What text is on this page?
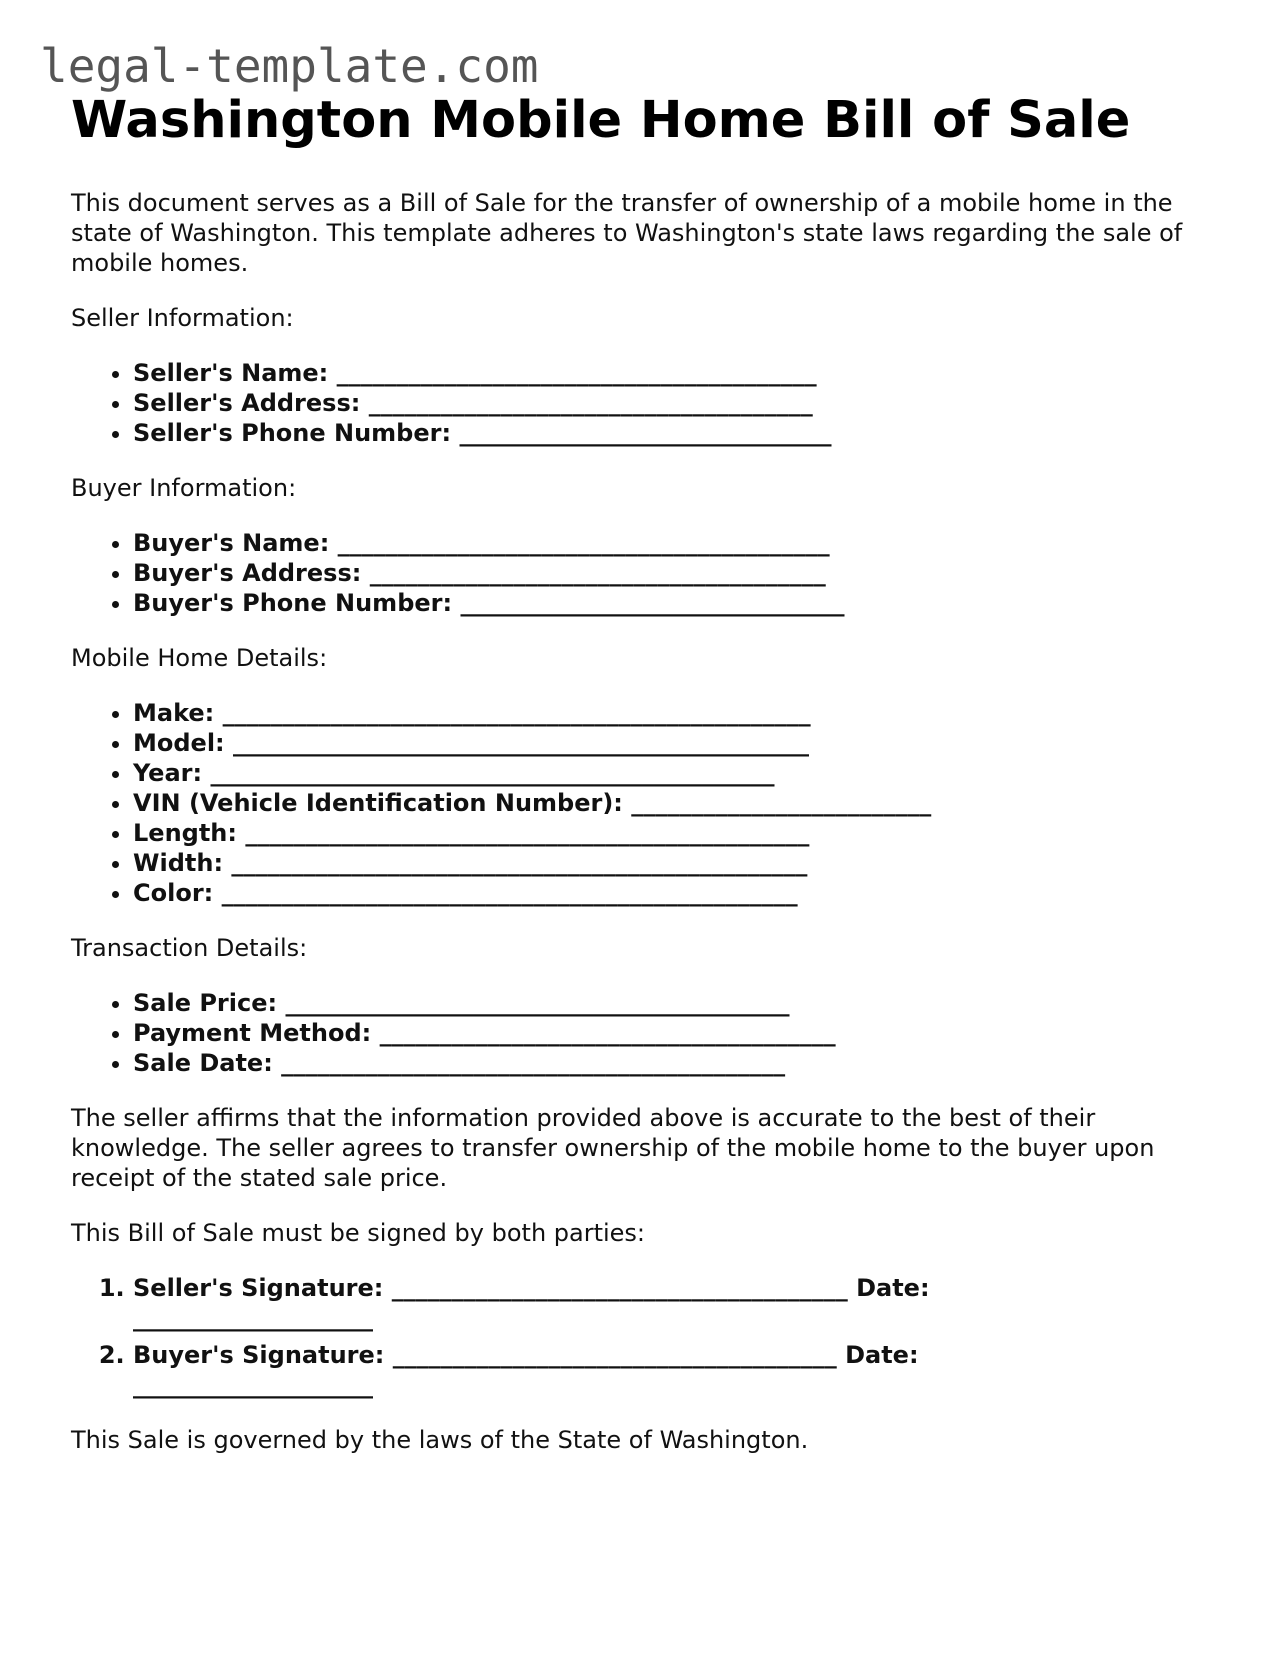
legal-template.com
Washington Mobile Home Bill of Sale

This document serves as a Bill of Sale for the transfer of ownership of a mobile home in the state of Washington. This template adheres to Washington's state laws regarding the sale of mobile homes.

Seller Information:

• Seller's Name: ________________________________________
• Seller's Address: _____________________________________
• Seller's Phone Number: _______________________________

Buyer Information:

• Buyer's Name: _________________________________________
• Buyer's Address: ______________________________________
• Buyer's Phone Number: ________________________________

Mobile Home Details:

• Make: _________________________________________________
• Model: ________________________________________________
• Year: _______________________________________________
• VIN (Vehicle Identification Number): _________________________
• Length: _______________________________________________
• Width: ________________________________________________
• Color: ________________________________________________

Transaction Details:

• Sale Price: __________________________________________
• Payment Method: ______________________________________
• Sale Date: __________________________________________

The seller affirms that the information provided above is accurate to the best of their knowledge. The seller agrees to transfer ownership of the mobile home to the buyer upon receipt of the stated sale price.

This Bill of Sale must be signed by both parties:

1. Seller's Signature: ______________________________________ Date: ____________________
2. Buyer's Signature: _____________________________________ Date: ____________________

This Sale is governed by the laws of the State of Washington.
